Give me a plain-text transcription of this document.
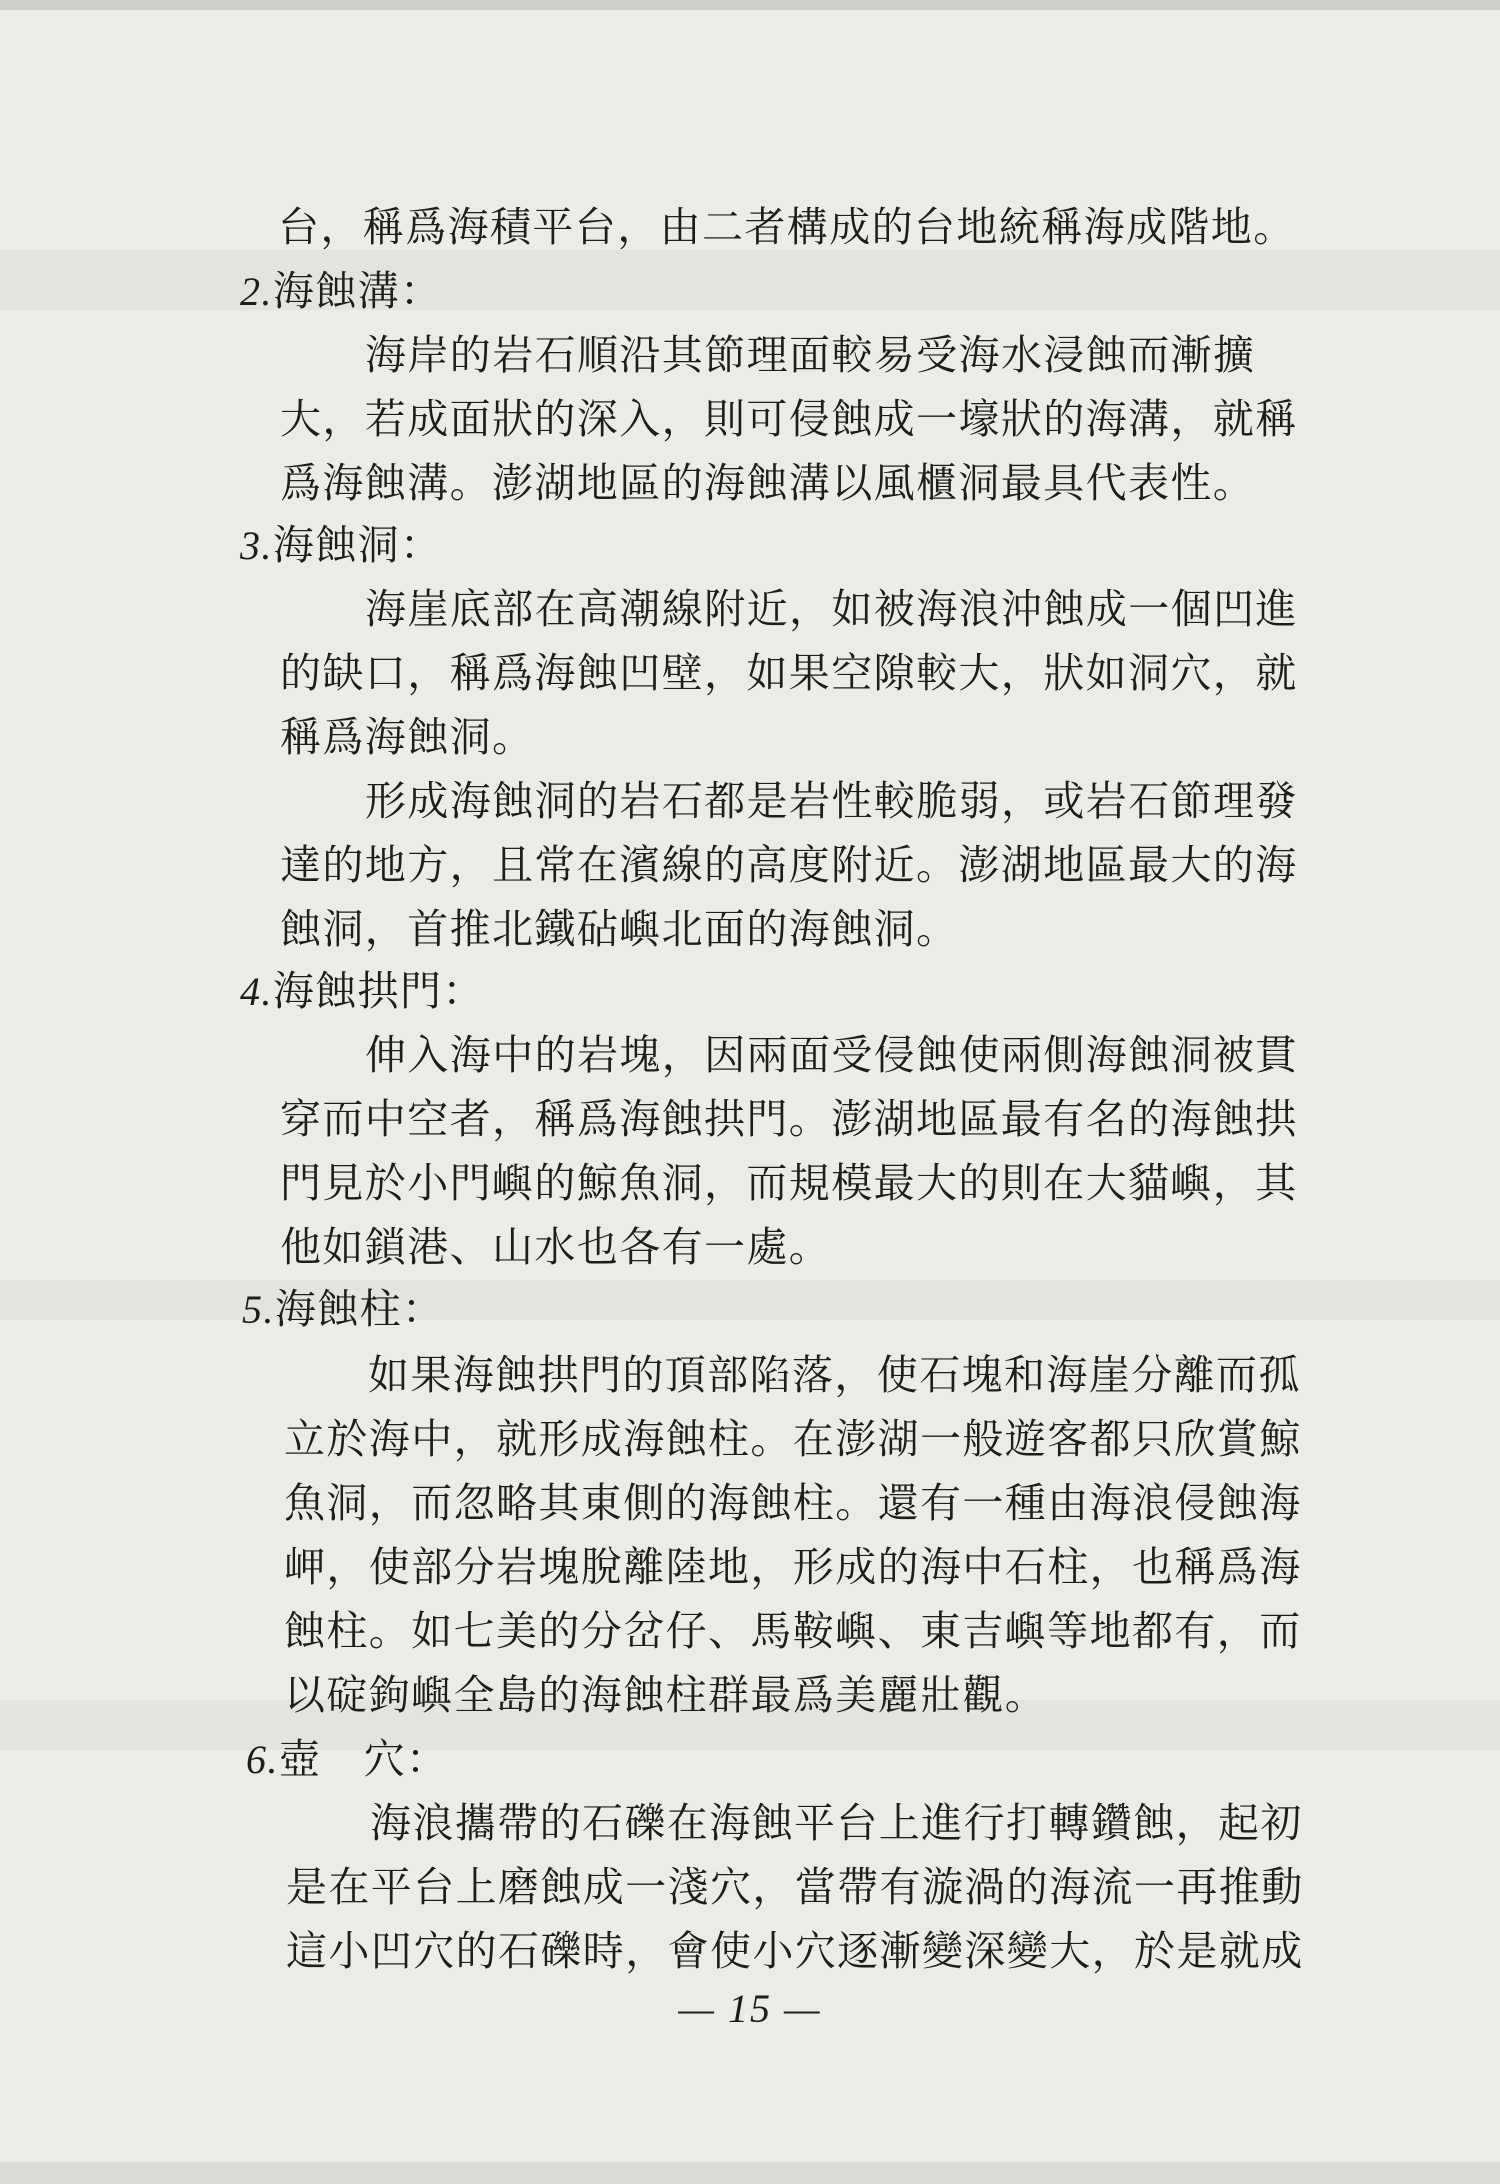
台，稱爲海積平台，由二者構成的台地統稱海成階地。
2.海蝕溝：
海岸的岩石順沿其節理面較易受海水浸蝕而漸擴
大，若成面狀的深入，則可侵蝕成一壕狀的海溝，就稱
爲海蝕溝。澎湖地區的海蝕溝以風櫃洞最具代表性。
3.海蝕洞：
海崖底部在高潮線附近，如被海浪沖蝕成一個凹進
的缺口，稱爲海蝕凹壁，如果空隙較大，狀如洞穴，就
稱爲海蝕洞。
形成海蝕洞的岩石都是岩性較脆弱，或岩石節理發
達的地方，且常在濱線的高度附近。澎湖地區最大的海
蝕洞，首推北鐵砧嶼北面的海蝕洞。
4.海蝕拱門：
伸入海中的岩塊，因兩面受侵蝕使兩側海蝕洞被貫
穿而中空者，稱爲海蝕拱門。澎湖地區最有名的海蝕拱
門見於小門嶼的鯨魚洞，而規模最大的則在大貓嶼，其
他如鎖港、山水也各有一處。
5.海蝕柱：
如果海蝕拱門的頂部陷落，使石塊和海崖分離而孤
立於海中，就形成海蝕柱。在澎湖一般遊客都只欣賞鯨
魚洞，而忽略其東側的海蝕柱。還有一種由海浪侵蝕海
岬，使部分岩塊脫離陸地，形成的海中石柱，也稱爲海
蝕柱。如七美的分岔仔、馬鞍嶼、東吉嶼等地都有，而
以碇鉤嶼全島的海蝕柱群最爲美麗壯觀。
6.壺　穴：
海浪攜帶的石礫在海蝕平台上進行打轉鑽蝕，起初
是在平台上磨蝕成一淺穴，當帶有漩渦的海流一再推動
這小凹穴的石礫時，會使小穴逐漸變深變大，於是就成
— 15 —
